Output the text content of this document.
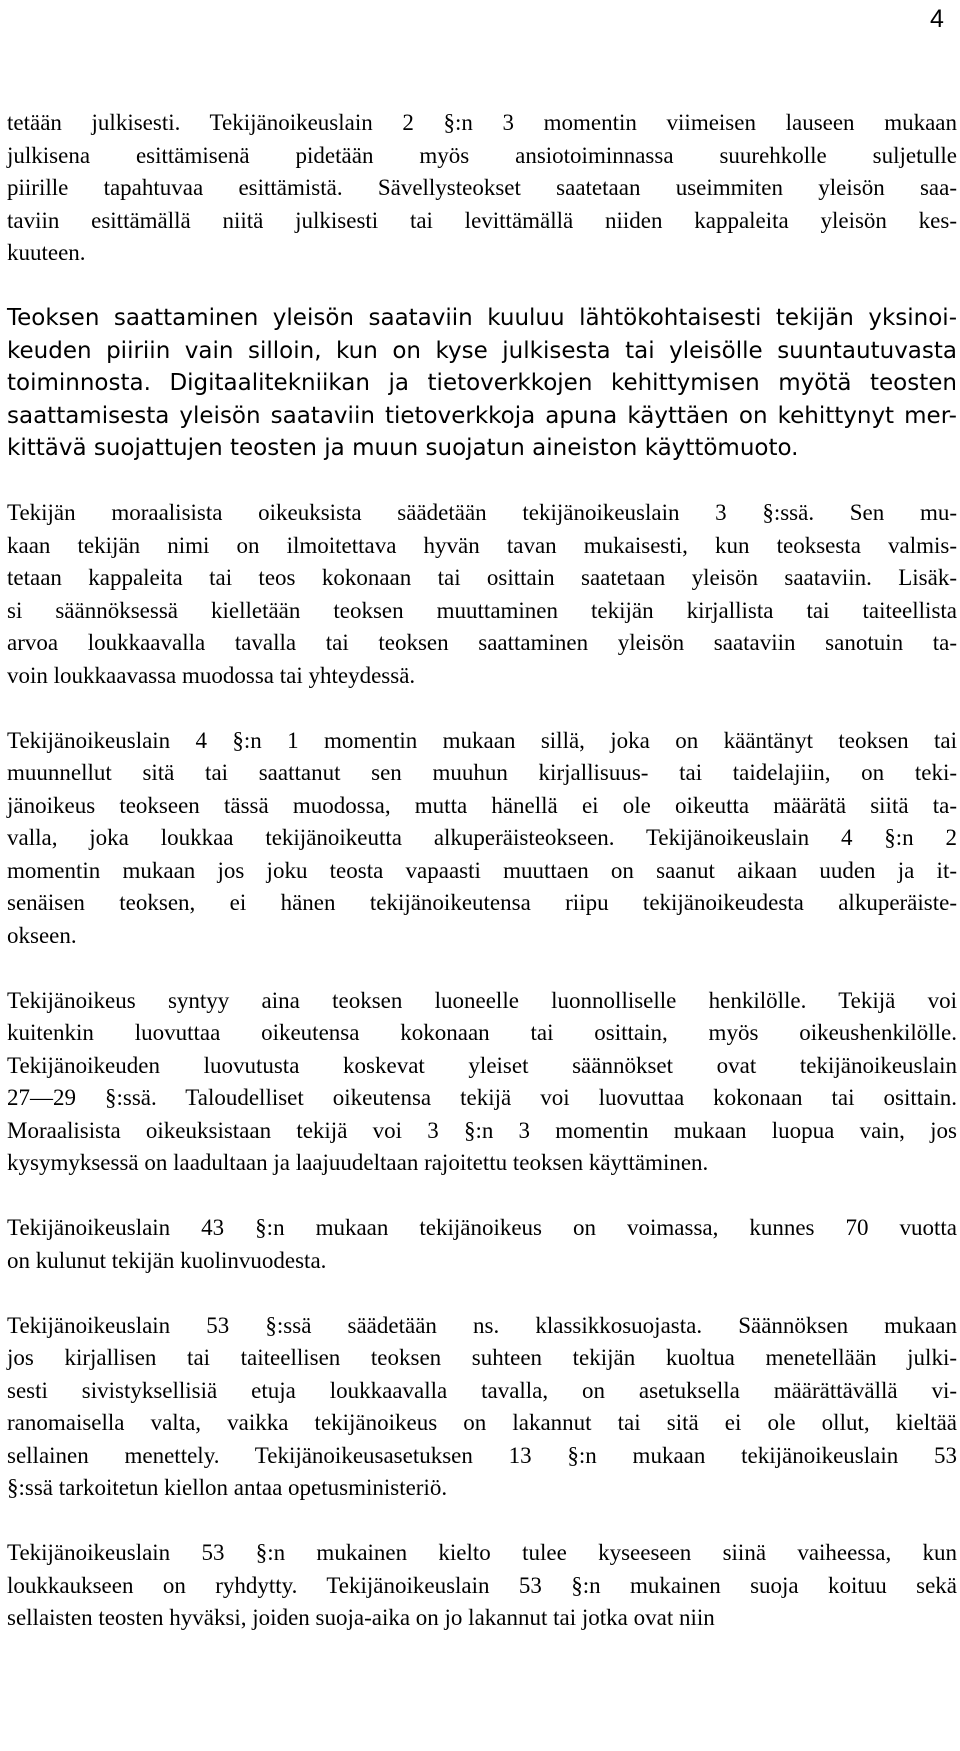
4
tetään julkisesti. Tekijänoikeuslain 2 §:n 3 momentin viimeisen lauseen mukaan
julkisena esittämisenä pidetään myös ansiotoiminnassa suurehkolle suljetulle
piirille tapahtuvaa esittämistä. Sävellysteokset saatetaan useimmiten yleisön saa-
taviin esittämällä niitä julkisesti tai levittämällä niiden kappaleita yleisön kes-
kuuteen.
Teoksen saattaminen yleisön saataviin kuuluu lähtökohtaisesti tekijän yksinoi-
keuden piiriin vain silloin, kun on kyse julkisesta tai yleisölle suuntautuvasta
toiminnosta. Digitaalitekniikan ja tietoverkkojen kehittymisen myötä teosten
saattamisesta yleisön saataviin tietoverkkoja apuna käyttäen on kehittynyt mer-
kittävä suojattujen teosten ja muun suojatun aineiston käyttömuoto.
Tekijän moraalisista oikeuksista säädetään tekijänoikeuslain 3 §:ssä. Sen mu-
kaan tekijän nimi on ilmoitettava hyvän tavan mukaisesti, kun teoksesta valmis-
tetaan kappaleita tai teos kokonaan tai osittain saatetaan yleisön saataviin. Lisäk-
si säännöksessä kielletään teoksen muuttaminen tekijän kirjallista tai taiteellista
arvoa loukkaavalla tavalla tai teoksen saattaminen yleisön saataviin sanotuin ta-
voin loukkaavassa muodossa tai yhteydessä.
Tekijänoikeuslain 4 §:n 1 momentin mukaan sillä, joka on kääntänyt teoksen tai
muunnellut sitä tai saattanut sen muuhun kirjallisuus- tai taidelajiin, on teki-
jänoikeus teokseen tässä muodossa, mutta hänellä ei ole oikeutta määrätä siitä ta-
valla, joka loukkaa tekijänoikeutta alkuperäisteokseen. Tekijänoikeuslain 4 §:n 2
momentin mukaan jos joku teosta vapaasti muuttaen on saanut aikaan uuden ja it-
senäisen teoksen, ei hänen tekijänoikeutensa riipu tekijänoikeudesta alkuperäiste-
okseen.
Tekijänoikeus syntyy aina teoksen luoneelle luonnolliselle henkilölle. Tekijä voi
kuitenkin luovuttaa oikeutensa kokonaan tai osittain, myös oikeushenkilölle.
Tekijänoikeuden luovutusta koskevat yleiset säännökset ovat tekijänoikeuslain
27—29 §:ssä. Taloudelliset oikeutensa tekijä voi luovuttaa kokonaan tai osittain.
Moraalisista oikeuksistaan tekijä voi 3 §:n 3 momentin mukaan luopua vain, jos
kysymyksessä on laadultaan ja laajuudeltaan rajoitettu teoksen käyttäminen.
Tekijänoikeuslain 43 §:n mukaan tekijänoikeus on voimassa, kunnes 70 vuotta
on kulunut tekijän kuolinvuodesta.
Tekijänoikeuslain 53 §:ssä säädetään ns. klassikkosuojasta. Säännöksen mukaan
jos kirjallisen tai taiteellisen teoksen suhteen tekijän kuoltua menetellään julki-
sesti sivistyksellisiä etuja loukkaavalla tavalla, on asetuksella määrättävällä vi-
ranomaisella valta, vaikka tekijänoikeus on lakannut tai sitä ei ole ollut, kieltää
sellainen menettely. Tekijänoikeusasetuksen 13 §:n mukaan tekijänoikeuslain 53
§:ssä tarkoitetun kiellon antaa opetusministeriö.
Tekijänoikeuslain 53 §:n mukainen kielto tulee kyseeseen siinä vaiheessa, kun
loukkaukseen on ryhdytty. Tekijänoikeuslain 53 §:n mukainen suoja koituu sekä
sellaisten teosten hyväksi, joiden suoja-aika on jo lakannut tai jotka ovat niin
